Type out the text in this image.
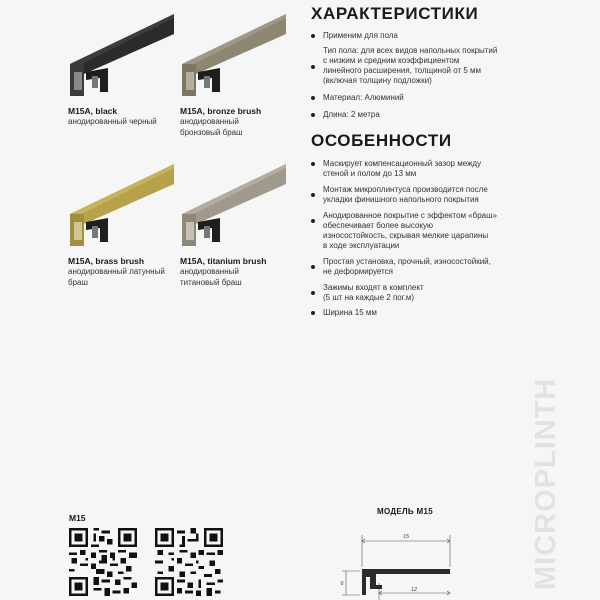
M15A, black
анодированный черный
M15A, bronze brush
анодированный бронзовый браш
M15A, brass brush
анодированный латунный браш
M15A, titanium brush
анодированный титановый браш
ХАРАКТЕРИСТИКИ
Применим для пола
Тип пола: для всех видов напольных покрытий
с низким и средним коэффициентом
линейного расширения, толщиной от 5 мм
(включая толщину подложки)
Материал: Алюминий
Длина: 2 метра
ОСОБЕННОСТИ
Маскирует компенсационный зазор между
стеной и полом до 13 мм
Монтаж микроплинтуса производится после
укладки финишного напольного покрытия
Анодированное покрытие с эффектом «браш»
обеспечивает более высокую
износостойкость, скрывая мелкие царапины
в ходе эксплуатации
Простая установка, прочный, износостойкий,
не деформируется
Зажимы входят в комплект
(5 шт на каждые 2 пог.м)
Ширина 15 мм
MICROPLINTH
M15
МОДЕЛЬ M15
15
6
12
